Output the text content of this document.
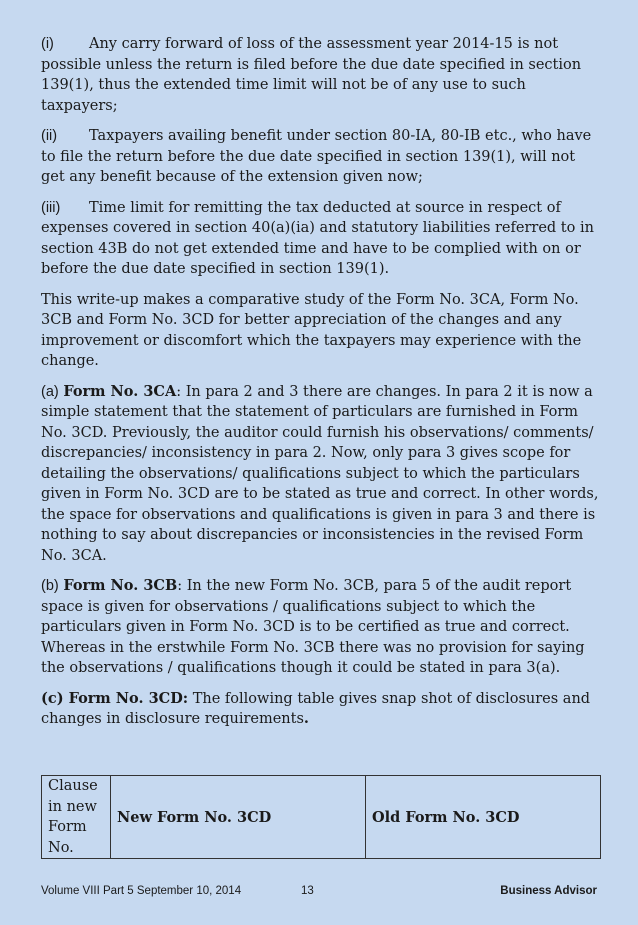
(i) Any carry forward of loss of the assessment year 2014-15 is not possible unless the return is filed before the due date specified in section 139(1), thus the extended time limit will not be of any use to such taxpayers;

(ii) Taxpayers availing benefit under section 80-IA, 80-IB etc., who have to file the return before the due date specified in section 139(1), will not get any benefit because of the extension given now;

(iii) Time limit for remitting the tax deducted at source in respect of expenses covered in section 40(a)(ia) and statutory liabilities referred to in section 43B do not get extended time and have to be complied with on or before the due date specified in section 139(1).

This write-up makes a comparative study of the Form No. 3CA, Form No. 3CB and Form No. 3CD for better appreciation of the changes and any improvement or discomfort which the taxpayers may experience with the change.

(a) Form No. 3CA: In para 2 and 3 there are changes. In para 2 it is now a simple statement that the statement of particulars are furnished in Form No. 3CD. Previously, the auditor could furnish his observations/ comments/ discrepancies/ inconsistency in para 2. Now, only para 3 gives scope for detailing the observations/ qualifications subject to which the particulars given in Form No. 3CD are to be stated as true and correct. In other words, the space for observations and qualifications is given in para 3 and there is nothing to say about discrepancies or inconsistencies in the revised Form No. 3CA.

(b) Form No. 3CB: In the new Form No. 3CB, para 5 of the audit report space is given for observations / qualifications subject to which the particulars given in Form No. 3CD is to be certified as true and correct. Whereas in the erstwhile Form No. 3CB there was no provision for saying the observations / qualifications though it could be stated in para 3(a).

(c) Form No. 3CD: The following table gives snap shot of disclosures and changes in disclosure requirements.

Clause in new Form No.	New Form No. 3CD	Old Form No. 3CD
Volume VIII Part 5 September 10, 2014	13	Business Advisor
